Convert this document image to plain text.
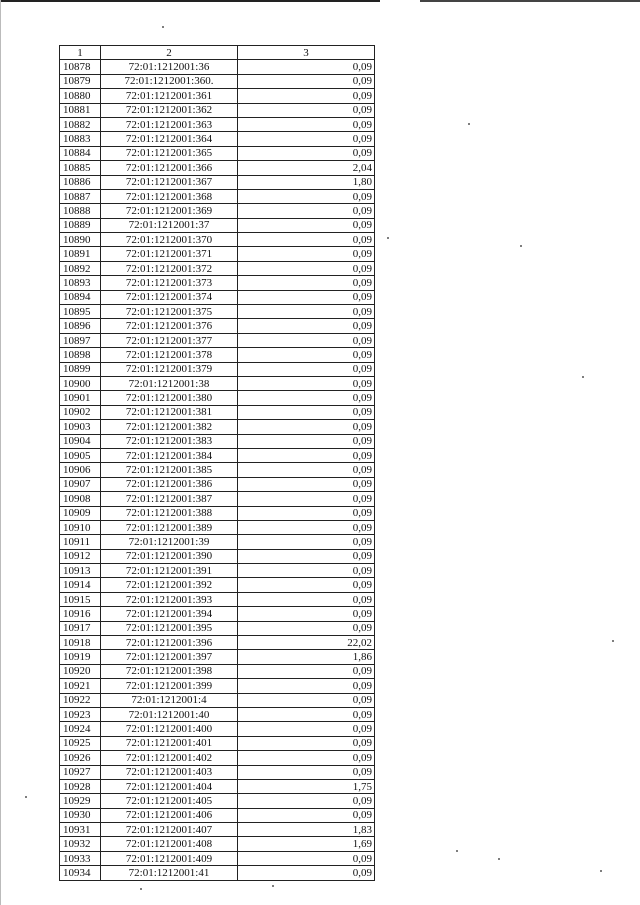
1	2	3
10878	72:01:1212001:36	0,09
10879	72:01:1212001:360.	0,09
10880	72:01:1212001:361	0,09
10881	72:01:1212001:362	0,09
10882	72:01:1212001:363	0,09
10883	72:01:1212001:364	0,09
10884	72:01:1212001:365	0,09
10885	72:01:1212001:366	2,04
10886	72:01:1212001:367	1,80
10887	72:01:1212001:368	0,09
10888	72:01:1212001:369	0,09
10889	72:01:1212001:37	0,09
10890	72:01:1212001:370	0,09
10891	72:01:1212001:371	0,09
10892	72:01:1212001:372	0,09
10893	72:01:1212001:373	0,09
10894	72:01:1212001:374	0,09
10895	72:01:1212001:375	0,09
10896	72:01:1212001:376	0,09
10897	72:01:1212001:377	0,09
10898	72:01:1212001:378	0,09
10899	72:01:1212001:379	0,09
10900	72:01:1212001:38	0,09
10901	72:01:1212001:380	0,09
10902	72:01:1212001:381	0,09
10903	72:01:1212001:382	0,09
10904	72:01:1212001:383	0,09
10905	72:01:1212001:384	0,09
10906	72:01:1212001:385	0,09
10907	72:01:1212001:386	0,09
10908	72:01:1212001:387	0,09
10909	72:01:1212001:388	0,09
10910	72:01:1212001:389	0,09
10911	72:01:1212001:39	0,09
10912	72:01:1212001:390	0,09
10913	72:01:1212001:391	0,09
10914	72:01:1212001:392	0,09
10915	72:01:1212001:393	0,09
10916	72:01:1212001:394	0,09
10917	72:01:1212001:395	0,09
10918	72:01:1212001:396	22,02
10919	72:01:1212001:397	1,86
10920	72:01:1212001:398	0,09
10921	72:01:1212001:399	0,09
10922	72:01:1212001:4	0,09
10923	72:01:1212001:40	0,09
10924	72:01:1212001:400	0,09
10925	72:01:1212001:401	0,09
10926	72:01:1212001:402	0,09
10927	72:01:1212001:403	0,09
10928	72:01:1212001:404	1,75
10929	72:01:1212001:405	0,09
10930	72:01:1212001:406	0,09
10931	72:01:1212001:407	1,83
10932	72:01:1212001:408	1,69
10933	72:01:1212001:409	0,09
10934	72:01:1212001:41	0,09
